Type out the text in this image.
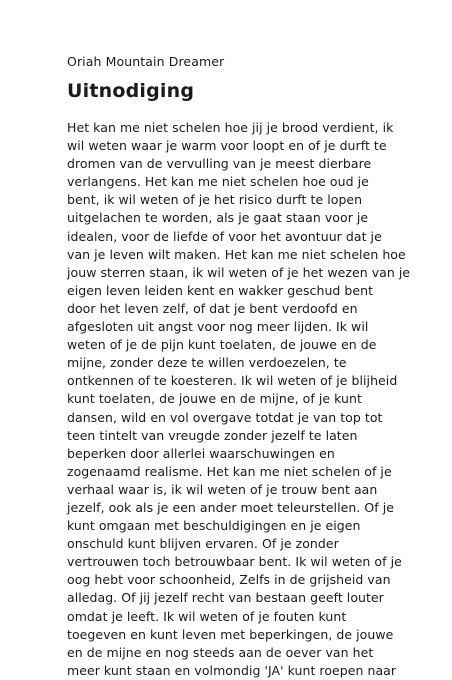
Oriah Mountain Dreamer
Uitnodiging
Het kan me niet schelen hoe jij je brood verdient, ik
wil weten waar je warm voor loopt en of je durft te
dromen van de vervulling van je meest dierbare
verlangens. Het kan me niet schelen hoe oud je
bent, ik wil weten of je het risico durft te lopen
uitgelachen te worden, als je gaat staan voor je
idealen, voor de liefde of voor het avontuur dat je
van je leven wilt maken. Het kan me niet schelen hoe
jouw sterren staan, ik wil weten of je het wezen van je
eigen leven leiden kent en wakker geschud bent
door het leven zelf, of dat je bent verdoofd en
afgesloten uit angst voor nog meer lijden. Ik wil
weten of je de pijn kunt toelaten, de jouwe en de
mijne, zonder deze te willen verdoezelen, te
ontkennen of te koesteren. Ik wil weten of je blijheid
kunt toelaten, de jouwe en de mijne, of je kunt
dansen, wild en vol overgave totdat je van top tot
teen tintelt van vreugde zonder jezelf te laten
beperken door allerlei waarschuwingen en
zogenaamd realisme. Het kan me niet schelen of je
verhaal waar is, ik wil weten of je trouw bent aan
jezelf, ook als je een ander moet teleurstellen. Of je
kunt omgaan met beschuldigingen en je eigen
onschuld kunt blijven ervaren. Of je zonder
vertrouwen toch betrouwbaar bent. Ik wil weten of je
oog hebt voor schoonheid, Zelfs in de grijsheid van
alledag. Of jij jezelf recht van bestaan geeft louter
omdat je leeft. Ik wil weten of je fouten kunt
toegeven en kunt leven met beperkingen, de jouwe
en de mijne en nog steeds aan de oever van het
meer kunt staan en volmondig 'JA' kunt roepen naar
